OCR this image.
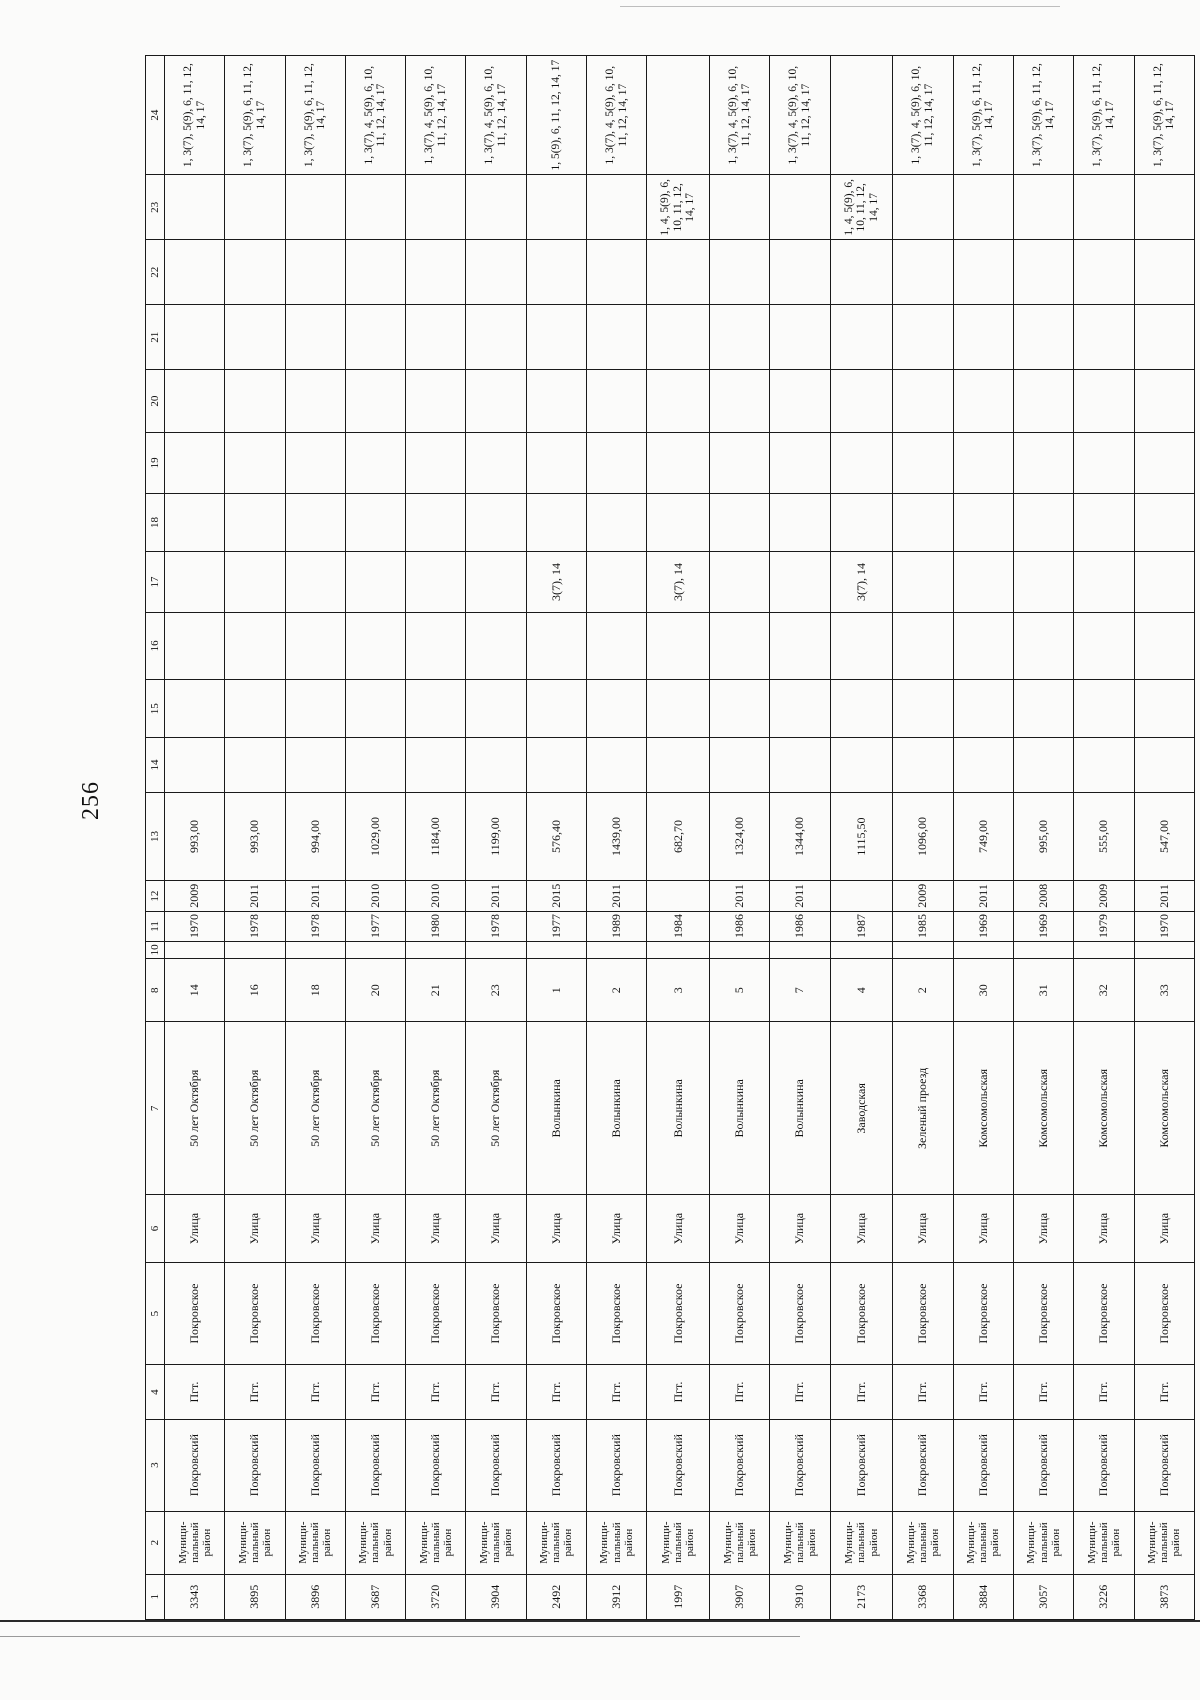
256
1	2	3	4	5	6	7	8	10	11	12	13	14	15	16	17	18	19	20	21	22	23	24
3343	Муници-пальный район	Покровский	Пгт.	Покровское	Улица	50 лет Октября	14		1970	2009	993,00											1, 3(7), 5(9), 6, 11, 12, 14, 17
3895	Муници-пальный район	Покровский	Пгт.	Покровское	Улица	50 лет Октября	16		1978	2011	993,00											1, 3(7), 5(9), 6, 11, 12, 14, 17
3896	Муници-пальный район	Покровский	Пгт.	Покровское	Улица	50 лет Октября	18		1978	2011	994,00											1, 3(7), 5(9), 6, 11, 12, 14, 17
3687	Муници-пальный район	Покровский	Пгт.	Покровское	Улица	50 лет Октября	20		1977	2010	1029,00											1, 3(7), 4, 5(9), 6, 10, 11, 12, 14, 17
3720	Муници-пальный район	Покровский	Пгт.	Покровское	Улица	50 лет Октября	21		1980	2010	1184,00											1, 3(7), 4, 5(9), 6, 10, 11, 12, 14, 17
3904	Муници-пальный район	Покровский	Пгт.	Покровское	Улица	50 лет Октября	23		1978	2011	1199,00											1, 3(7), 4, 5(9), 6, 10, 11, 12, 14, 17
2492	Муници-пальный район	Покровский	Пгт.	Покровское	Улица	Волынкина	1		1977	2015	576,40				3(7), 14							1, 5(9), 6, 11, 12, 14, 17
3912	Муници-пальный район	Покровский	Пгт.	Покровское	Улица	Волынкина	2		1989	2011	1439,00											1, 3(7), 4, 5(9), 6, 10, 11, 12, 14, 17
1997	Муници-пальный район	Покровский	Пгт.	Покровское	Улица	Волынкина	3		1984		682,70				3(7), 14						1, 4, 5(9), 6, 10, 11, 12, 14, 17	
3907	Муници-пальный район	Покровский	Пгт.	Покровское	Улица	Волынкина	5		1986	2011	1324,00											1, 3(7), 4, 5(9), 6, 10, 11, 12, 14, 17
3910	Муници-пальный район	Покровский	Пгт.	Покровское	Улица	Волынкина	7		1986	2011	1344,00											1, 3(7), 4, 5(9), 6, 10, 11, 12, 14, 17
2173	Муници-пальный район	Покровский	Пгт.	Покровское	Улица	Заводская	4		1987		1115,50				3(7), 14						1, 4, 5(9), 6, 10, 11, 12, 14, 17	
3368	Муници-пальный район	Покровский	Пгт.	Покровское	Улица	Зеленый проезд	2		1985	2009	1096,00											1, 3(7), 4, 5(9), 6, 10, 11, 12, 14, 17
3884	Муници-пальный район	Покровский	Пгт.	Покровское	Улица	Комсомольская	30		1969	2011	749,00											1, 3(7), 5(9), 6, 11, 12, 14, 17
3057	Муници-пальный район	Покровский	Пгт.	Покровское	Улица	Комсомольская	31		1969	2008	995,00											1, 3(7), 5(9), 6, 11, 12, 14, 17
3226	Муници-пальный район	Покровский	Пгт.	Покровское	Улица	Комсомольская	32		1979	2009	555,00											1, 3(7), 5(9), 6, 11, 12, 14, 17
3873	Муници-пальный район	Покровский	Пгт.	Покровское	Улица	Комсомольская	33		1970	2011	547,00											1, 3(7), 5(9), 6, 11, 12, 14, 17
